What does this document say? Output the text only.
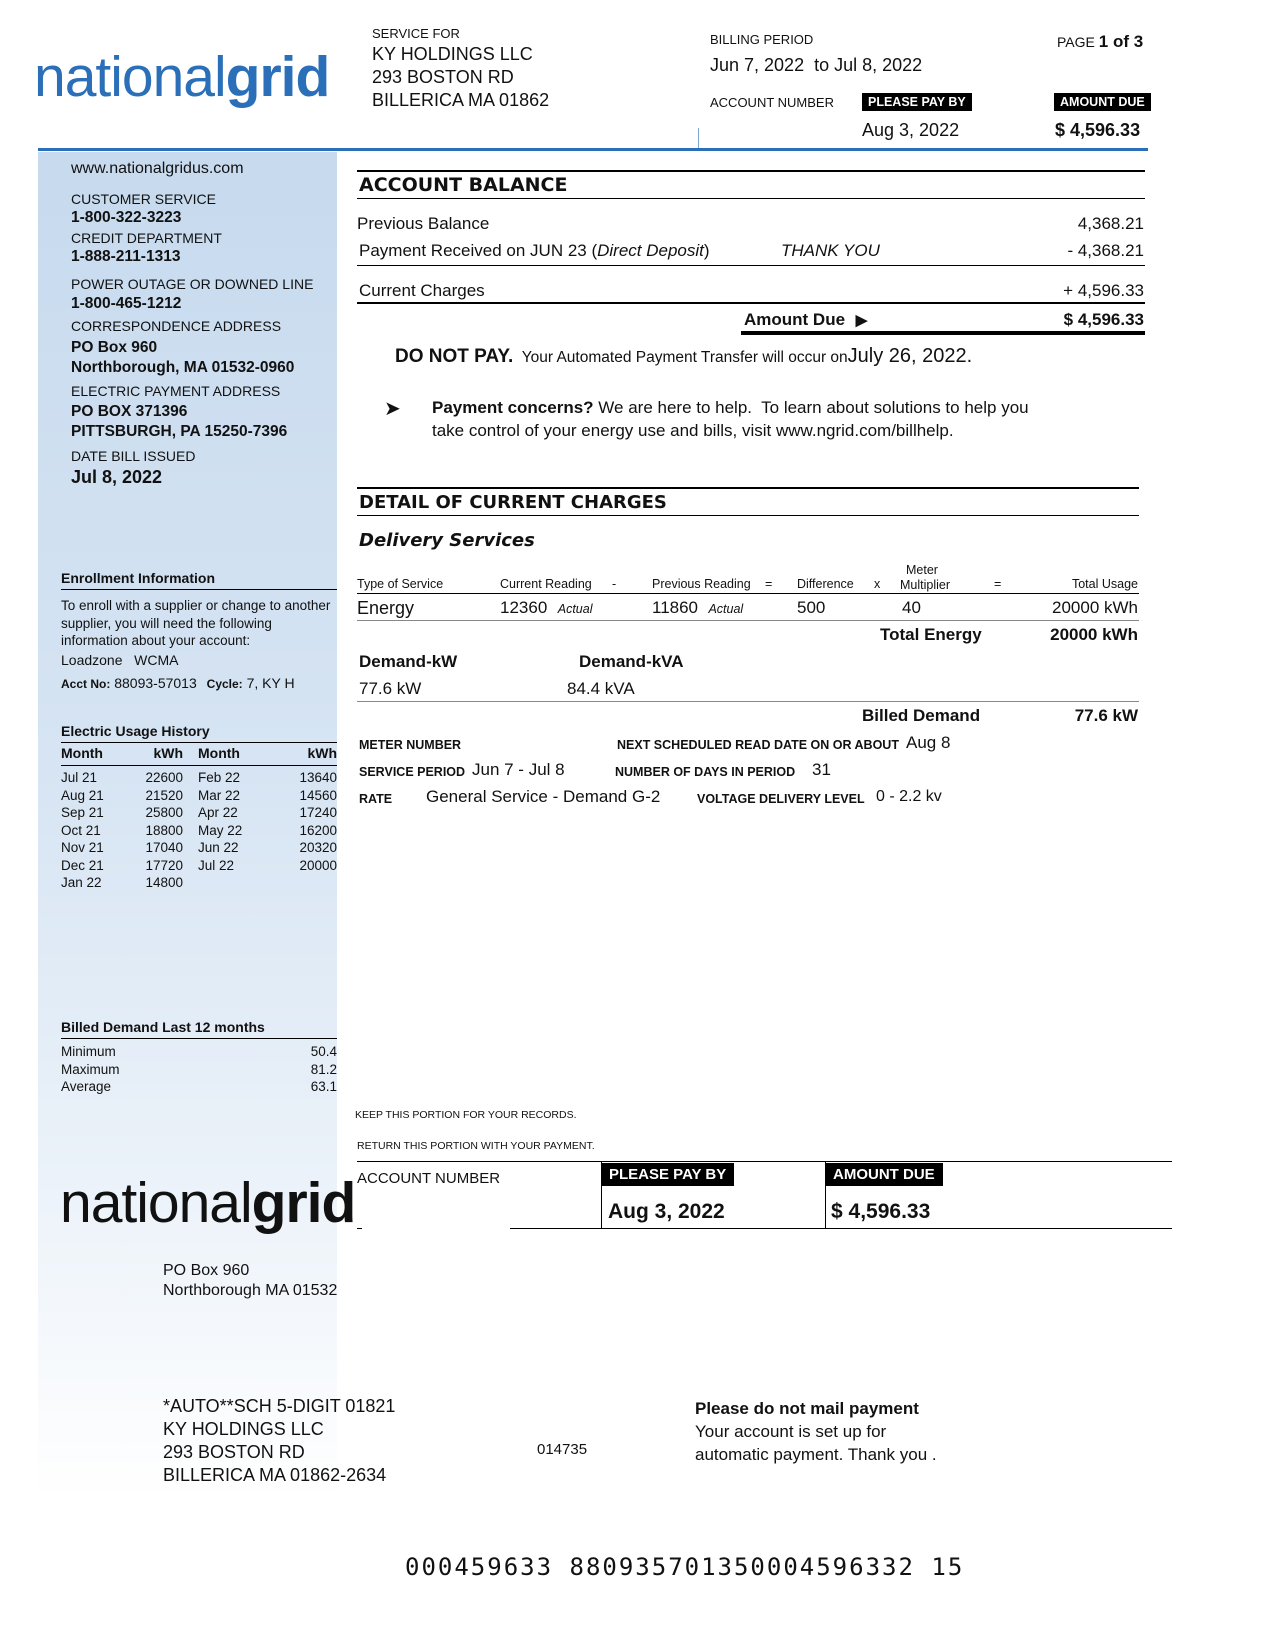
nationalgrid
SERVICE FOR
KY HOLDINGS LLC
293 BOSTON RD
BILLERICA MA 01862
BILLING PERIOD
Jun 7, 2022  to Jul 8, 2022
PAGE 1 of 3
ACCOUNT NUMBER	PLEASE PAY BY
Aug 3, 2022
AMOUNT DUE
$ 4,596.33
www.nationalgridus.com
CUSTOMER SERVICE
1-800-322-3223
CREDIT DEPARTMENT
1-888-211-1313
POWER OUTAGE OR DOWNED LINE
1-800-465-1212
CORRESPONDENCE ADDRESS
PO Box 960
Northborough, MA 01532-0960
ELECTRIC PAYMENT ADDRESS
PO BOX 371396
PITTSBURGH, PA 15250-7396
DATE BILL ISSUED
Jul 8, 2022
Enrollment Information
To enroll with a supplier or change to another supplier, you will need the following information about your account:
Loadzone   WCMA
Acct No: 88093-57013 Cycle: 7, KY H
Electric Usage History
Month	kWh Month	kWh
Jul 21	22600 Feb 22	13640
Aug 21	21520 Mar 22	14560
Sep 21	25800 Apr 22	17240
Oct 21	18800 May 22	16200
Nov 21	17040 Jun 22	20320
Dec 21	17720 Jul 22	20000
Jan 22	14800
Billed Demand Last 12 months
Minimum	50.4
Maximum	81.2
Average	63.1
ACCOUNT BALANCE
Previous Balance	4,368.21
Payment Received on JUN 23 (Direct Deposit)	THANK YOU	- 4,368.21
Current Charges	+ 4,596.33
Amount Due ▶	$ 4,596.33
DO NOT PAY. Your Automated Payment Transfer will occur onJuly 26, 2022.
➤ Payment concerns? We are here to help.  To learn about solutions to help you
take control of your energy use and bills, visit www.ngrid.com/billhelp.
DETAIL OF CURRENT CHARGES
Delivery Services
Type of Service	Current Reading -	Previous Reading = Difference x
Meter
Multiplier	=	Total Usage
Energy	12360 Actual	11860 Actual	500	40	20000 kWh
Total Energy	20000 kWh
Demand-kW	Demand-kVA
77.6 kW	84.4 kVA
Billed Demand	77.6 kW
METER NUMBER	NEXT SCHEDULED READ DATE ON OR ABOUT Aug 8
SERVICE PERIOD Jun 7 - Jul 8	NUMBER OF DAYS IN PERIOD 31
RATE General Service - Demand G-2	VOLTAGE DELIVERY LEVEL 0 - 2.2 kv
KEEP THIS PORTION FOR YOUR RECORDS.
RETURN THIS PORTION WITH YOUR PAYMENT.
ACCOUNT NUMBER	PLEASE PAY BY
Aug 3, 2022
AMOUNT DUE
$ 4,596.33
nationalgrid
PO Box 960
Northborough MA 01532
*AUTO**SCH 5-DIGIT 01821
KY HOLDINGS LLC
293 BOSTON RD
BILLERICA MA 01862-2634
014735
Please do not mail payment
Your account is set up for
automatic payment. Thank you .
000459633 880935701350004596332 15
